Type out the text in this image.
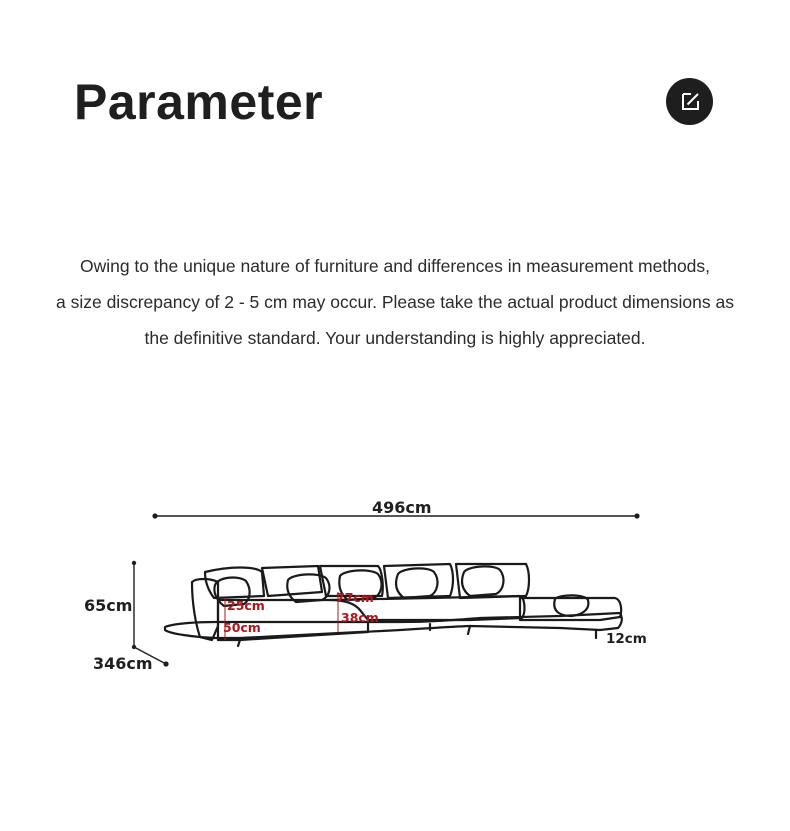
Parameter
Owing to the unique nature of furniture and differences in measurement methods,
a size discrepancy of 2 - 5 cm may occur. Please take the actual product dimensions as
the definitive standard. Your understanding is highly appreciated.
496cm
65cm
346cm
25cm
50cm
77cm
38cm
12cm
